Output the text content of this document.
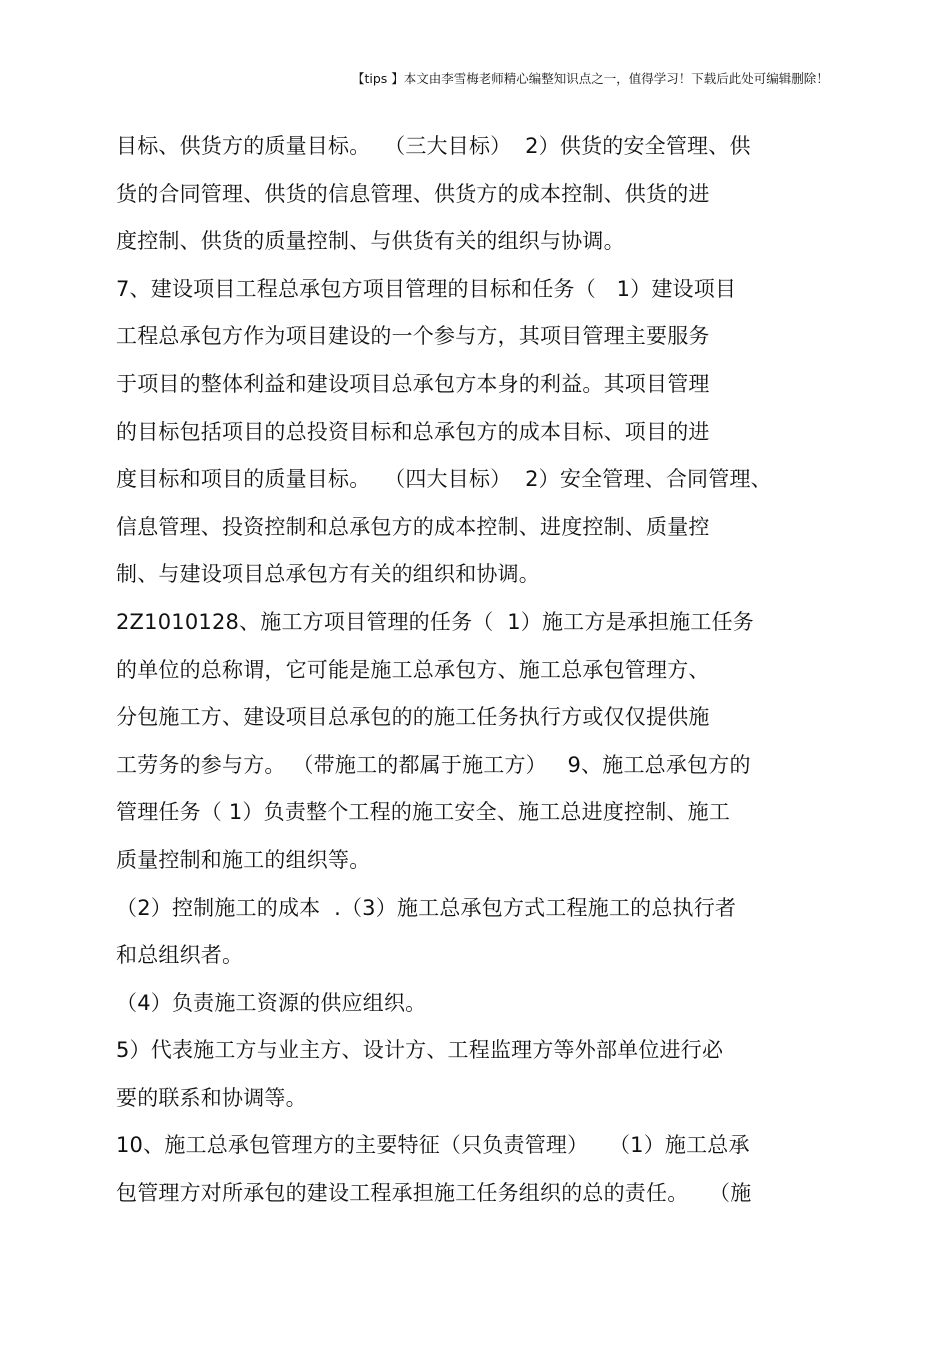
【tips 】本文由李雪梅老师精心编整知识点之一，值得学习！下载后此处可编辑删除！
目标、供货方的质量目标。  （三大目标）  2）供货的安全管理、供
货的合同管理、供货的信息管理、供货方的成本控制、供货的进
度控制、供货的质量控制、与供货有关的组织与协调。
7、建设项目工程总承包方项目管理的目标和任务（   1）建设项目
工程总承包方作为项目建设的一个参与方，其项目管理主要服务
于项目的整体利益和建设项目总承包方本身的利益。其项目管理
的目标包括项目的总投资目标和总承包方的成本目标、项目的进
度目标和项目的质量目标。  （四大目标）  2）安全管理、合同管理、
信息管理、投资控制和总承包方的成本控制、进度控制、质量控
制、与建设项目总承包方有关的组织和协调。
2Z1010128、施工方项目管理的任务（  1）施工方是承担施工任务
的单位的总称谓，它可能是施工总承包方、施工总承包管理方、
分包施工方、建设项目总承包的的施工任务执行方或仅仅提供施
工劳务的参与方。 （带施工的都属于施工方）   9、施工总承包方的
管理任务（ 1）负责整个工程的施工安全、施工总进度控制、施工
质量控制和施工的组织等。
（2）控制施工的成本  .（3）施工总承包方式工程施工的总执行者
和总组织者。
（4）负责施工资源的供应组织。
5）代表施工方与业主方、设计方、工程监理方等外部单位进行必
要的联系和协调等。
10、施工总承包管理方的主要特征（只负责管理）   （1）施工总承
包管理方对所承包的建设工程承担施工任务组织的总的责任。   （施
